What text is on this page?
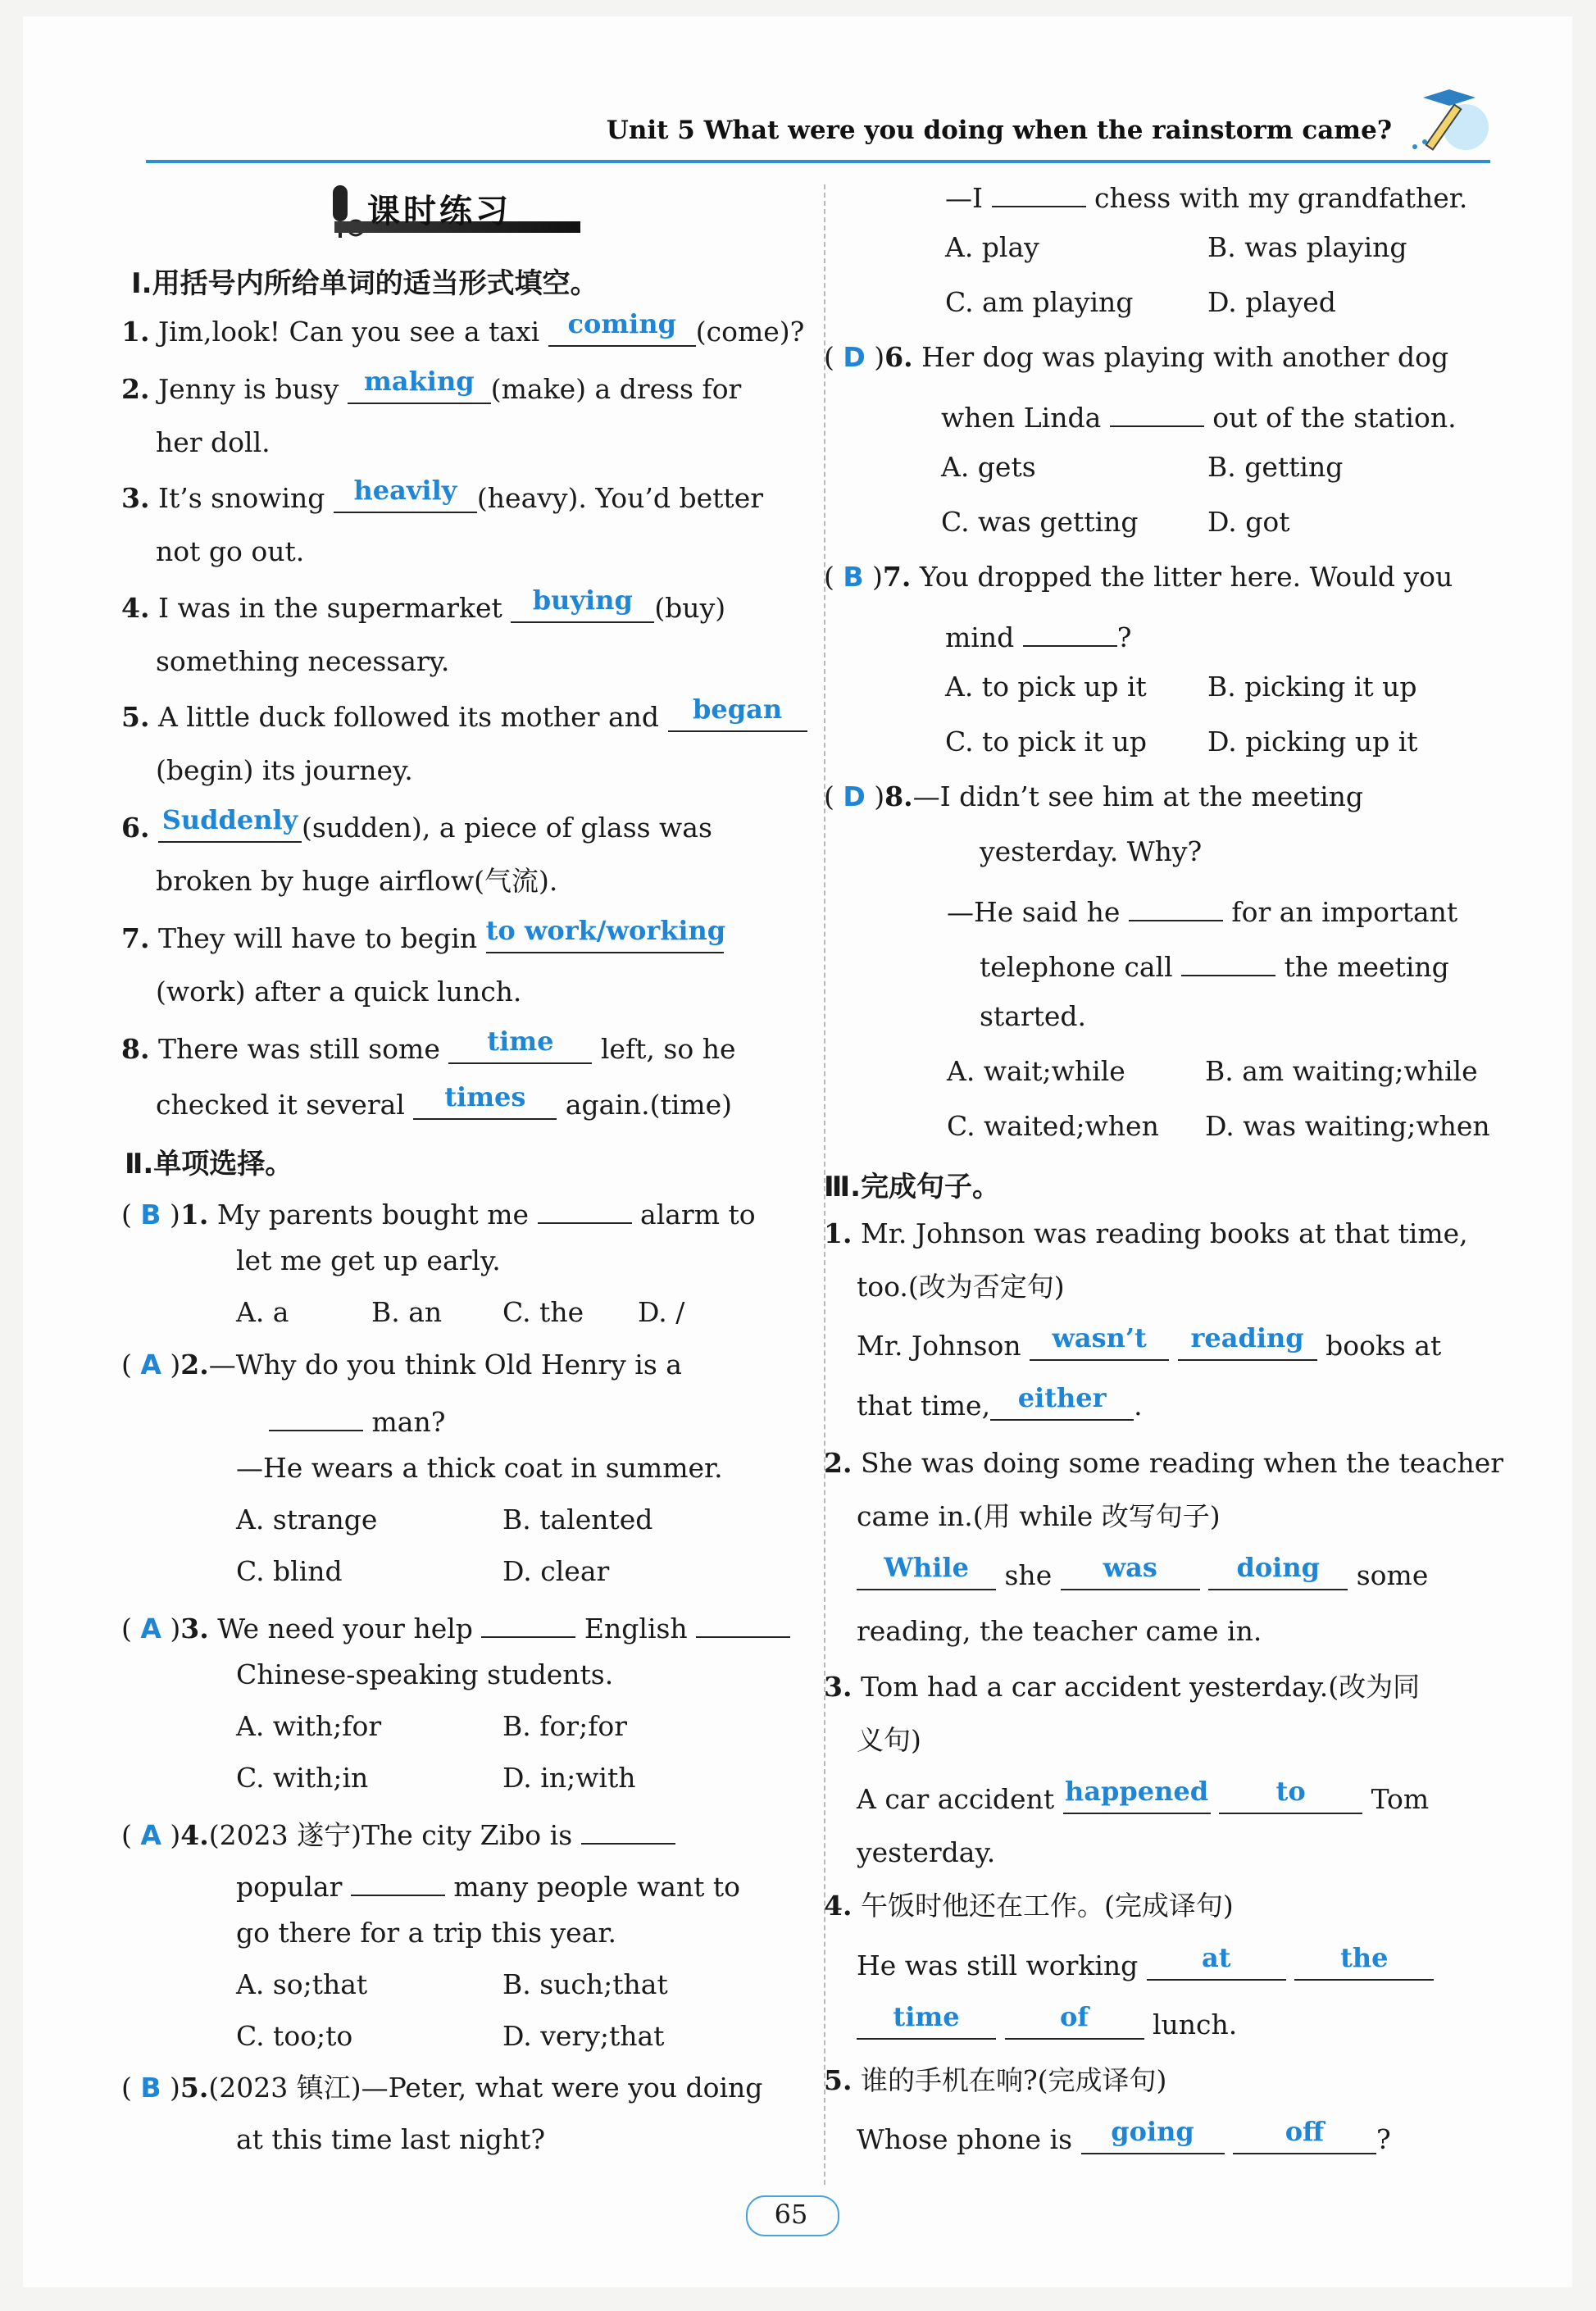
Unit 5 What were you doing when the rainstorm came?
课时练习
Ⅰ.用括号内所给单词的适当形式填空。
1. Jim,look! Can you see a taxi coming (come)?
2. Jenny is busy making (make) a dress for
her doll.
3. It’s snowing heavily (heavy). You’d better
not go out.
4. I was in the supermarket buying (buy)
something necessary.
5. A little duck followed its mother and began
(begin) its journey.
6. Suddenly (sudden), a piece of glass was
broken by huge airflow(气流).
7. They will have to begin to work/working
(work) after a quick lunch.
8. There was still some time left, so he
checked it several times again.(time)
Ⅱ.单项选择。
( B )1. My parents bought me	alarm to
let me get up early.
A. a	B. an C. the D. /
( A )2.—Why do you think Old Henry is a
man?
—He wears a thick coat in summer.
A. strange	B. talented
C. blind	D. clear
( A )3. We need your help	English
Chinese-speaking students.
A. with;for	B. for;for
C. with;in	D. in;with
( A )4.(2023 遂宁)The city Zibo is
popular	many people want to
go there for a trip this year.
A. so;that	B. such;that
C. too;to	D. very;that
( B )5.(2023 镇江)—Peter, what were you doing
at this time last night?
—I	chess with my grandfather.
A. play	B. was playing
C. am playing	D. played
( D )6. Her dog was playing with another dog
when Linda	out of the station.
A. gets	B. getting
C. was getting	D. got
( B )7. You dropped the litter here. Would you
mind	?
A. to pick up it B. picking it up
C. to pick it up D. picking up it
( D )8.—I didn’t see him at the meeting
yesterday. Why?
—He said he	for an important
telephone call	the meeting
started.
A. wait;while	B. am waiting;while
C. waited;when D. was waiting;when
Ⅲ.完成句子。
1. Mr. Johnson was reading books at that time,
too.(改为否定句)
Mr. Johnson wasn’t reading books at
that time, either .
2. She was doing some reading when the teacher
came in.(用 while 改写句子)
While she was	doing some
reading, the teacher came in.
3. Tom had a car accident yesterday.(改为同
义句)
A car accident happened	to Tom
yesterday.
4. 午饭时他还在工作。(完成译句)
He was still working at	the
time	of lunch.
5. 谁的手机在响?(完成译句)
Whose phone is going	off ?
65
